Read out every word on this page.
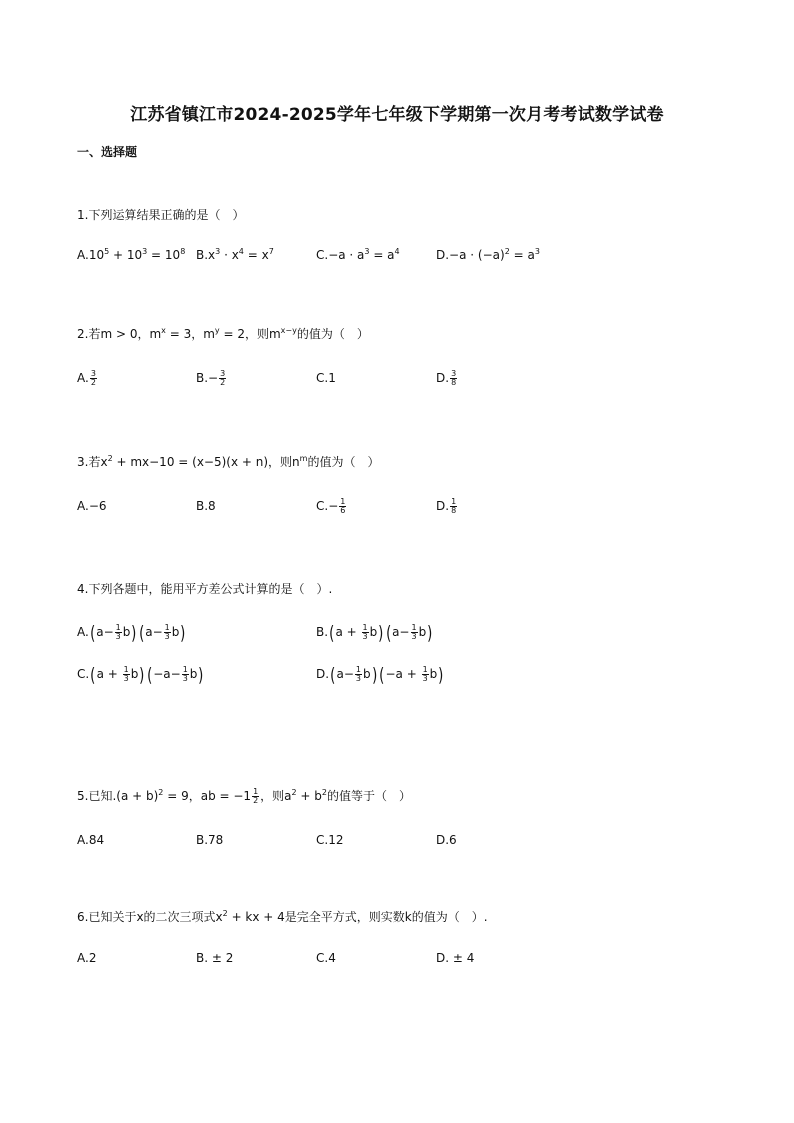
江苏省镇江市2024-2025学年七年级下学期第一次月考考试数学试卷
一、选择题
1.下列运算结果正确的是（　）
$A.10^5 + 10^3 = 10^8$ $B.x^3 \cdot x^4 = x^7$	$C.-a \cdot a^3 = a^4$	$D.-a \cdot (-a)^2 = a^3$
2.若m > 0，$m^x = 3$，$m^y = 2$，则$m^{x-y}$的值为（　）
A. $\frac{3}{2}$	$B.- \frac{3}{2}$	C.1	D. $\frac{3}{8}$
3.若$x^2 + mx-10 = (x-5)(x + n)$，则$n^m$的值为（　）
A.−6	B.8	$C.- \frac{1}{6}$	D. $\frac{1}{8}$
4.下列各题中，能用平方差公式计算的是（　）.
$A.(a- \frac{1}{3} b)$ $(a- \frac{1}{3} b)$	$B.(a + \frac{1}{3} b)$ $(a- \frac{1}{3} b)$
$C.(a + \frac{1}{3} b)$ $(-a- \frac{1}{3} b)$	$D.(a- \frac{1}{3} b)$ $(-a + \frac{1}{3} b)$
5.已知$.(a + b)^2 = 9$，ab = $-1 \frac{1}{2}$ ，则$a^2 + b^2$的值等于（　）
A.84	B.78	C.12	D.6
6.已知关于x的二次三项式$x^2$ + kx + 4是完全平方式，则实数k的值为（　）.
A.2	B. ± 2	C.4	D. ± 4
